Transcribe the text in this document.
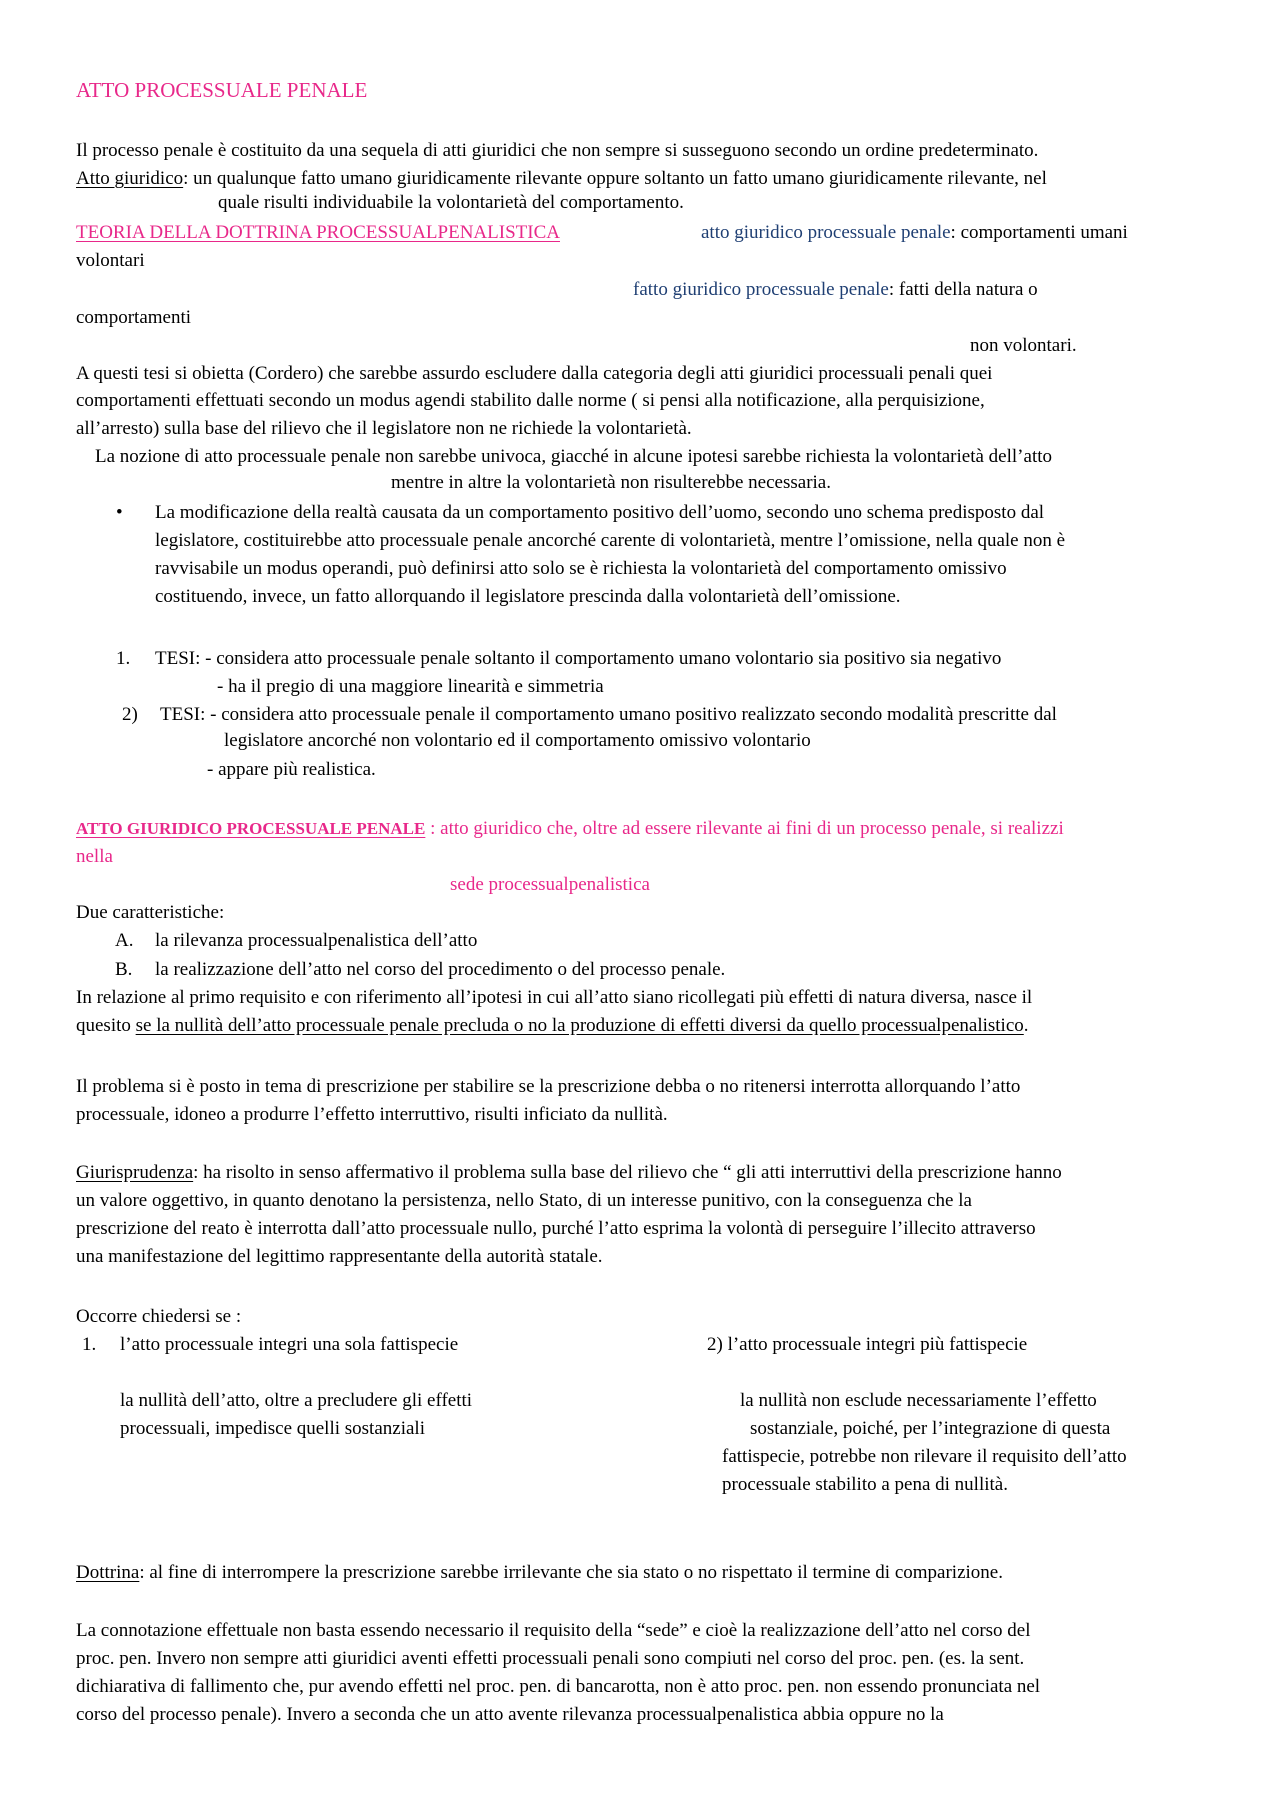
ATTO PROCESSUALE PENALE
Il processo penale è costituito da una sequela di atti giuridici che non sempre si susseguono secondo un ordine predeterminato.
Atto giuridico: un qualunque fatto umano giuridicamente rilevante oppure soltanto un fatto umano giuridicamente rilevante, nel
quale risulti individuabile la volontarietà del comportamento.
TEORIA DELLA DOTTRINA PROCESSUALPENALISTICA	atto giuridico processuale penale: comportamenti umani
volontari
fatto giuridico processuale penale: fatti della natura o
comportamenti
non volontari.
A questi tesi si obietta (Cordero) che sarebbe assurdo escludere dalla categoria degli atti giuridici processuali penali quei
comportamenti effettuati secondo un modus agendi stabilito dalle norme ( si pensi alla notificazione, alla perquisizione,
all’arresto) sulla base del rilievo che il legislatore non ne richiede la volontarietà.
La nozione di atto processuale penale non sarebbe univoca, giacché in alcune ipotesi sarebbe richiesta la volontarietà dell’atto
mentre in altre la volontarietà non risulterebbe necessaria.
• La modificazione della realtà causata da un comportamento positivo dell’uomo, secondo uno schema predisposto dal
legislatore, costituirebbe atto processuale penale ancorché carente di volontarietà, mentre l’omissione, nella quale non è
ravvisabile un modus operandi, può definirsi atto solo se è richiesta la volontarietà del comportamento omissivo
costituendo, invece, un fatto allorquando il legislatore prescinda dalla volontarietà dell’omissione.
1. TESI: - considera atto processuale penale soltanto il comportamento umano volontario sia positivo sia negativo
- ha il pregio di una maggiore linearità e simmetria
2) TESI: - considera atto processuale penale il comportamento umano positivo realizzato secondo modalità prescritte dal
legislatore ancorché non volontario ed il comportamento omissivo volontario
- appare più realistica.
ATTO GIURIDICO PROCESSUALE PENALE : atto giuridico che, oltre ad essere rilevante ai fini di un processo penale, si realizzi
nella
sede processualpenalistica
Due caratteristiche:
A. la rilevanza processualpenalistica dell’atto
B. la realizzazione dell’atto nel corso del procedimento o del processo penale.
In relazione al primo requisito e con riferimento all’ipotesi in cui all’atto siano ricollegati più effetti di natura diversa, nasce il
quesito se la nullità dell’atto processuale penale precluda o no la produzione di effetti diversi da quello processualpenalistico.
Il problema si è posto in tema di prescrizione per stabilire se la prescrizione debba o no ritenersi interrotta allorquando l’atto
processuale, idoneo a produrre l’effetto interruttivo, risulti inficiato da nullità.
Giurisprudenza: ha risolto in senso affermativo il problema sulla base del rilievo che “ gli atti interruttivi della prescrizione hanno
un valore oggettivo, in quanto denotano la persistenza, nello Stato, di un interesse punitivo, con la conseguenza che la
prescrizione del reato è interrotta dall’atto processuale nullo, purché l’atto esprima la volontà di perseguire l’illecito attraverso
una manifestazione del legittimo rappresentante della autorità statale.
Occorre chiedersi se :
1. l’atto processuale integri una sola fattispecie	2) l’atto processuale integri più fattispecie
la nullità dell’atto, oltre a precludere gli effetti
processuali, impedisce quelli sostanziali
la nullità non esclude necessariamente l’effetto
sostanziale, poiché, per l’integrazione di questa
fattispecie, potrebbe non rilevare il requisito dell’atto
processuale stabilito a pena di nullità.
Dottrina: al fine di interrompere la prescrizione sarebbe irrilevante che sia stato o no rispettato il termine di comparizione.
La connotazione effettuale non basta essendo necessario il requisito della “sede” e cioè la realizzazione dell’atto nel corso del
proc. pen. Invero non sempre atti giuridici aventi effetti processuali penali sono compiuti nel corso del proc. pen. (es. la sent.
dichiarativa di fallimento che, pur avendo effetti nel proc. pen. di bancarotta, non è atto proc. pen. non essendo pronunciata nel
corso del processo penale). Invero a seconda che un atto avente rilevanza processualpenalistica abbia oppure no la
